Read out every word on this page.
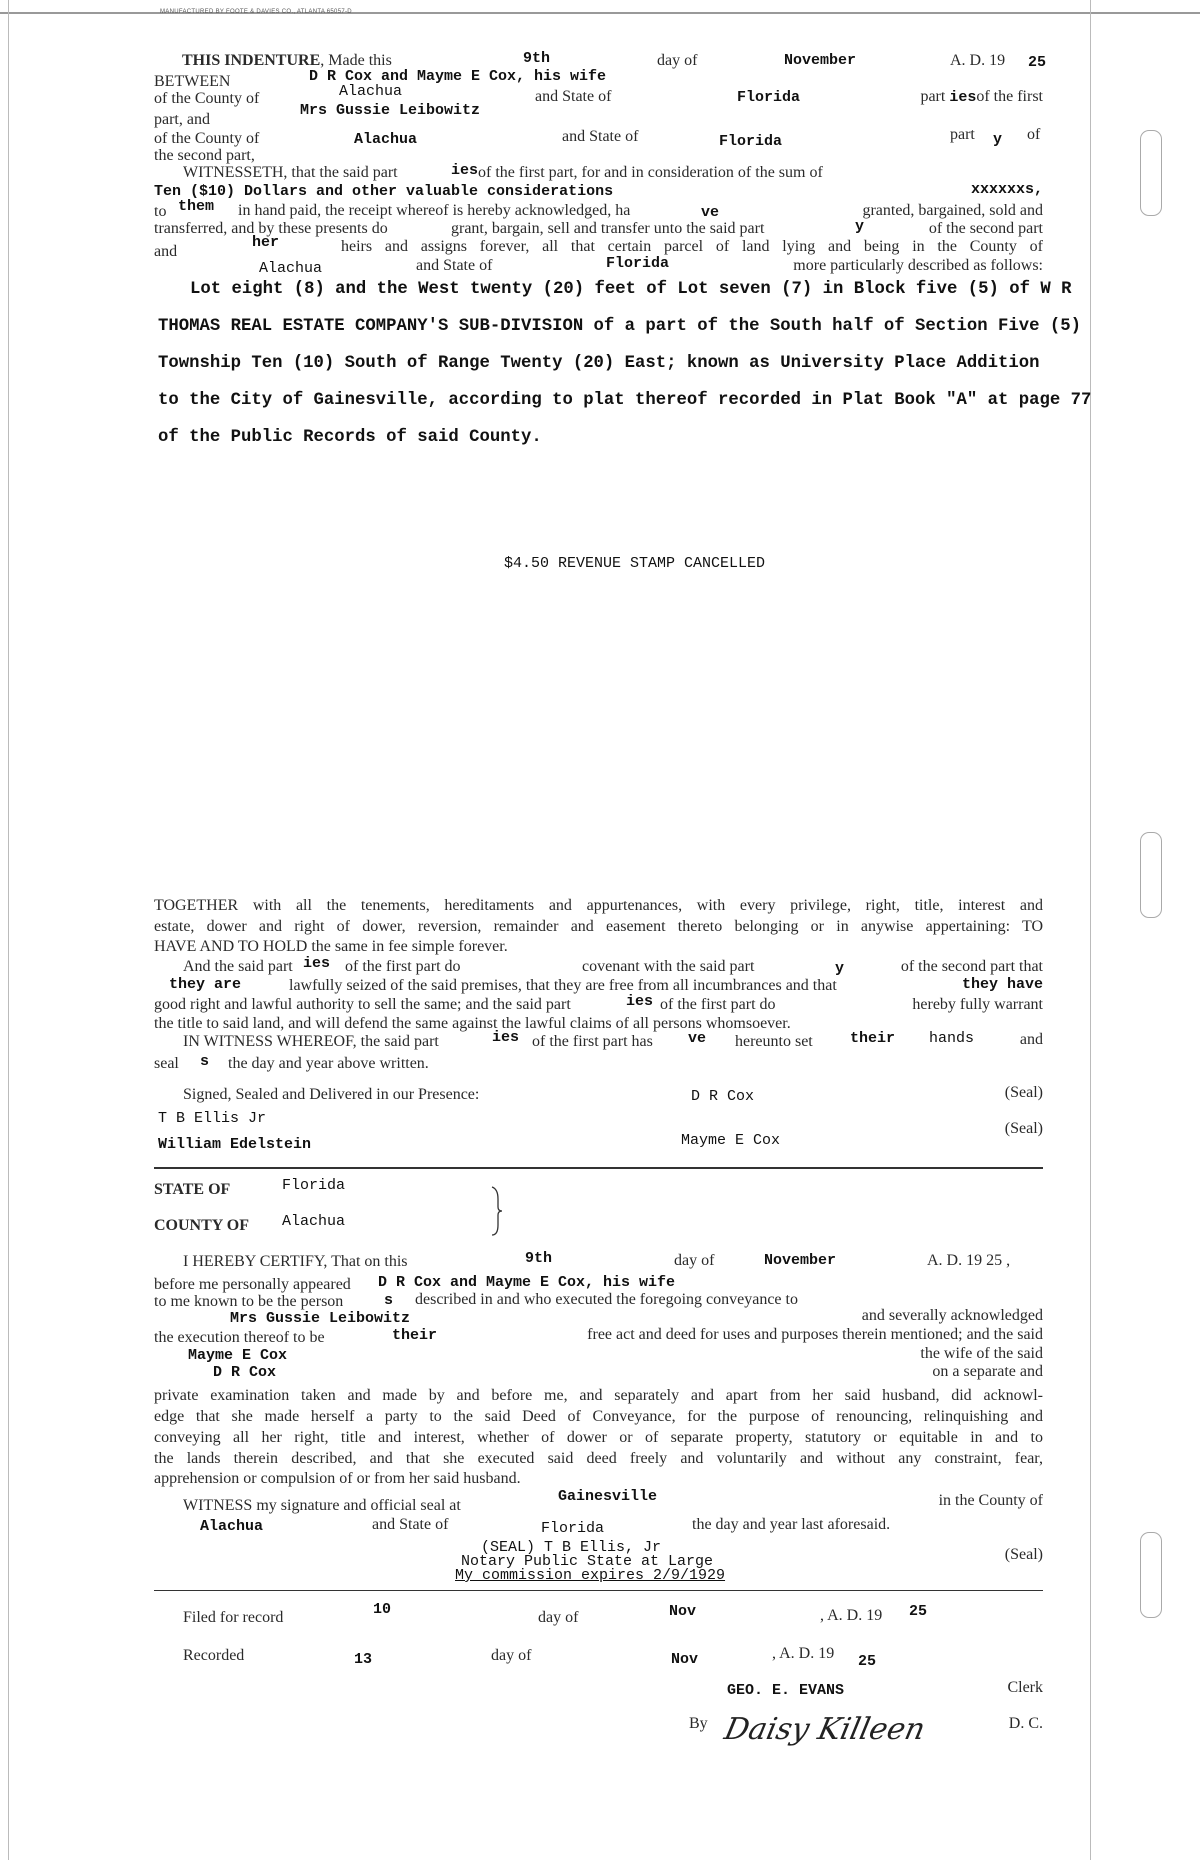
MANUFACTURED BY FOOTE & DAVIES CO., ATLANTA 65057-D
THIS INDENTURE, Made this	9th	day of	November	A. D. 19 25
BETWEEN	D R Cox and Mayme E Cox, his wife
of the County of	Alachua	and State of	Florida	part iesof the first
Mrs Gussie Leibowitz
part, and
of the County of	Alachua	and State of	Florida	part y of
the second part,
WITNESSETH, that the said part	ies of the first part, for and in consideration of the sum of
Ten ($10) Dollars and other valuable considerations	xxxxxxs,
to them in hand paid, the receipt whereof is hereby acknowledged, ha	ve	granted, bargained, sold and
transferred, and by these presents do	grant, bargain, sell and transfer unto the said part	y	of the second part
and
her	heirs and assigns forever, all that certain parcel of land lying and being in the County of
Alachua	and State of	Florida	more particularly described as follows:
Lot eight (8) and the West twenty (20) feet of Lot seven (7) in Block five (5) of W R
THOMAS REAL ESTATE COMPANY'S SUB-DIVISION of a part of the South half of Section Five (5)
Township Ten (10) South of Range Twenty (20) East; known as University Place Addition
to the City of Gainesville, according to plat thereof recorded in Plat Book "A" at page 77
of the Public Records of said County.
$4.50 REVENUE STAMP CANCELLED
TOGETHER with all the tenements, hereditaments and appurtenances, with every privilege, right, title, interest and
estate, dower and right of dower, reversion, remainder and easement thereto belonging or in anywise appertaining: TO
HAVE AND TO HOLD the same in fee simple forever.
And the said part ies of the first part do	covenant with the said part	y	of the second part that
they are	lawfully seized of the said premises, that they are free from all incumbrances and that	they have
good right and lawful authority to sell the same; and the said part	ies of the first part do	hereby fully warrant
the title to said land, and will defend the same against the lawful claims of all persons whomsoever.
IN WITNESS WHEREOF, the said part	ies of the first part has ve hereunto set their hands	and
seal s the day and year above written.
Signed, Sealed and Delivered in our Presence:	D R Cox	(Seal)
T B Ellis Jr
(Seal)
William Edelstein	Mayme E Cox
STATE OF	Florida
COUNTY OF Alachua
I HEREBY CERTIFY, That on this	9th	day of	November	A. D. 19 25 ,
before me personally appeared D R Cox and Mayme E Cox, his wife
to me known to be the person	s described in and who executed the foregoing conveyance to
Mrs Gussie Leibowitz	and severally acknowledged
the execution thereof to be	their	free act and deed for uses and purposes therein mentioned; and the said
Mayme E Cox	the wife of the said
D R Cox	on a separate and
private examination taken and made by and before me, and separately and apart from her said husband, did acknowl-
edge that she made herself a party to the said Deed of Conveyance, for the purpose of renouncing, relinquishing and
conveying all her right, title and interest, whether of dower or of separate property, statutory or equitable in and to
the lands therein described, and that she executed said deed freely and voluntarily and without any constraint, fear,
apprehension or compulsion of or from her said husband.
WITNESS my signature and official seal at
Gainesville	in the County of
Alachua	and State of	Florida	the day and year last aforesaid.
(SEAL) T B Ellis, Jr
Notary Public State at Large
My commission expires 2/9/1929
(Seal)
Filed for record	10	day of	Nov	, A. D. 19 25
Recorded	13	day of	Nov	, A. D. 19 25
GEO. E. EVANS	Clerk
By Daisy Killeen	D. C.
